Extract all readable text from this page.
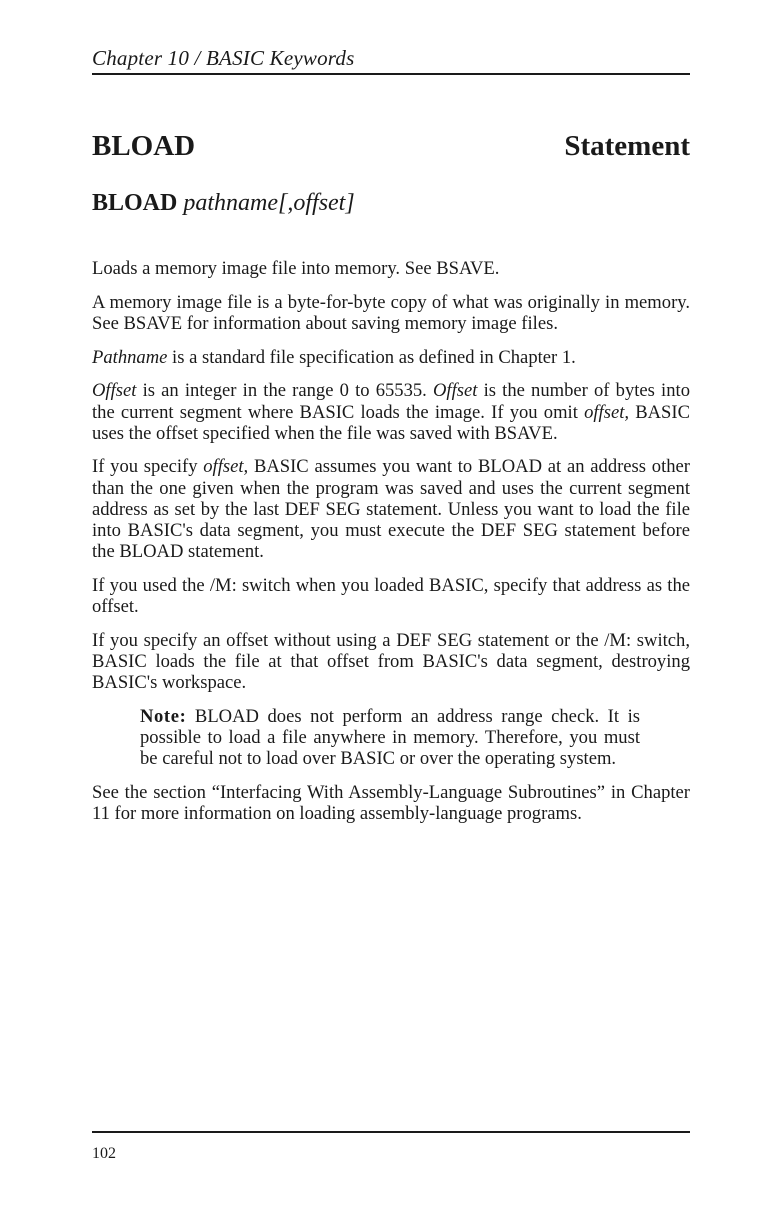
Chapter 10 / BASIC Keywords
BLOAD	Statement
BLOAD pathname[,offset]

Loads a memory image file into memory. See BSAVE.

A memory image file is a byte-for-byte copy of what was originally in memory. See BSAVE for information about saving memory image files.

Pathname is a standard file specification as defined in Chapter 1.

Offset is an integer in the range 0 to 65535. Offset is the number of bytes into the current segment where BASIC loads the image. If you omit offset, BASIC uses the offset specified when the file was saved with BSAVE.

If you specify offset, BASIC assumes you want to BLOAD at an address other than the one given when the program was saved and uses the current segment address as set by the last DEF SEG statement. Unless you want to load the file into BASIC's data segment, you must execute the DEF SEG statement before the BLOAD statement.

If you used the /M: switch when you loaded BASIC, specify that address as the offset.

If you specify an offset without using a DEF SEG statement or the /M: switch, BASIC loads the file at that offset from BASIC's data segment, destroying BASIC's workspace.

Note: BLOAD does not perform an address range check. It is possible to load a file anywhere in memory. Therefore, you must be careful not to load over BASIC or over the operating system.

See the section “Interfacing With Assembly-Language Subroutines” in Chapter 11 for more information on loading assembly-language programs.

102
